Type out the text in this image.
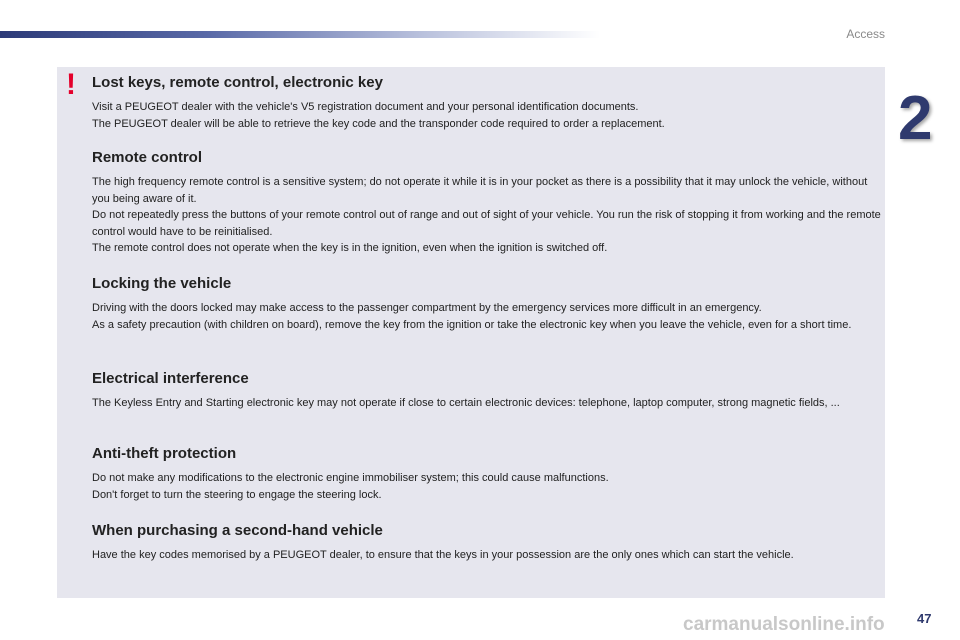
Access
2
! Lost keys, remote control, electronic key

Visit a PEUGEOT dealer with the vehicle's V5 registration document and your personal identification documents.

The PEUGEOT dealer will be able to retrieve the key code and the transponder code required to order a replacement.

Remote control

The high frequency remote control is a sensitive system; do not operate it while it is in your pocket as there is a possibility that it may unlock the vehicle, without you being aware of it.

Do not repeatedly press the buttons of your remote control out of range and out of sight of your vehicle. You run the risk of stopping it from working and the remote control would have to be reinitialised.

The remote control does not operate when the key is in the ignition, even when the ignition is switched off.

Locking the vehicle

Driving with the doors locked may make access to the passenger compartment by the emergency services more difficult in an emergency.

As a safety precaution (with children on board), remove the key from the ignition or take the electronic key when you leave the vehicle, even for a short time.

Electrical interference

The Keyless Entry and Starting electronic key may not operate if close to certain electronic devices: telephone, laptop computer, strong magnetic fields, ...

Anti-theft protection

Do not make any modifications to the electronic engine immobiliser system; this could cause malfunctions.

Don't forget to turn the steering to engage the steering lock.

When purchasing a second-hand vehicle

Have the key codes memorised by a PEUGEOT dealer, to ensure that the keys in your possession are the only ones which can start the vehicle.

carmanualsonline.info 47
